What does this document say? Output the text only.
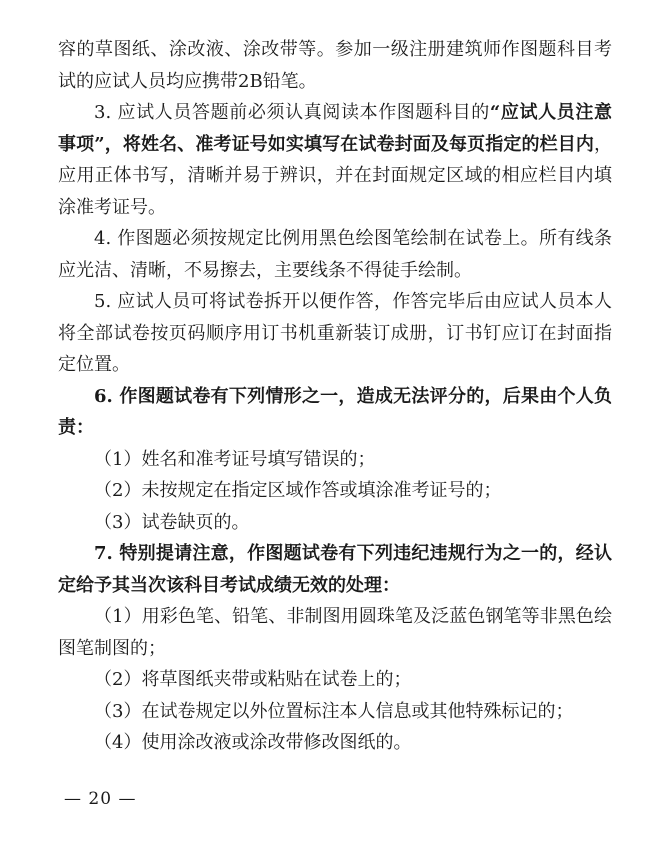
容的草图纸、涂改液、涂改带等。参加一级注册建筑师作图题科目考试的应试人员均应携带2B铅笔。

3. 应试人员答题前必须认真阅读本作图题科目的“应试人员注意事项”，将姓名、准考证号如实填写在试卷封面及每页指定的栏目内，应用正体书写，清晰并易于辨识，并在封面规定区域的相应栏目内填涂准考证号。

4. 作图题必须按规定比例用黑色绘图笔绘制在试卷上。所有线条应光洁、清晰，不易擦去，主要线条不得徒手绘制。

5. 应试人员可将试卷拆开以便作答，作答完毕后由应试人员本人将全部试卷按页码顺序用订书机重新装订成册，订书钉应订在封面指定位置。

6. 作图题试卷有下列情形之一，造成无法评分的，后果由个人负责：

（1）姓名和准考证号填写错误的；

（2）未按规定在指定区域作答或填涂准考证号的；

（3）试卷缺页的。

7. 特别提请注意，作图题试卷有下列违纪违规行为之一的，经认定给予其当次该科目考试成绩无效的处理：

（1）用彩色笔、铅笔、非制图用圆珠笔及泛蓝色钢笔等非黑色绘图笔制图的；

（2）将草图纸夹带或粘贴在试卷上的；

（3）在试卷规定以外位置标注本人信息或其他特殊标记的；

（4）使用涂改液或涂改带修改图纸的。

— 20 —
